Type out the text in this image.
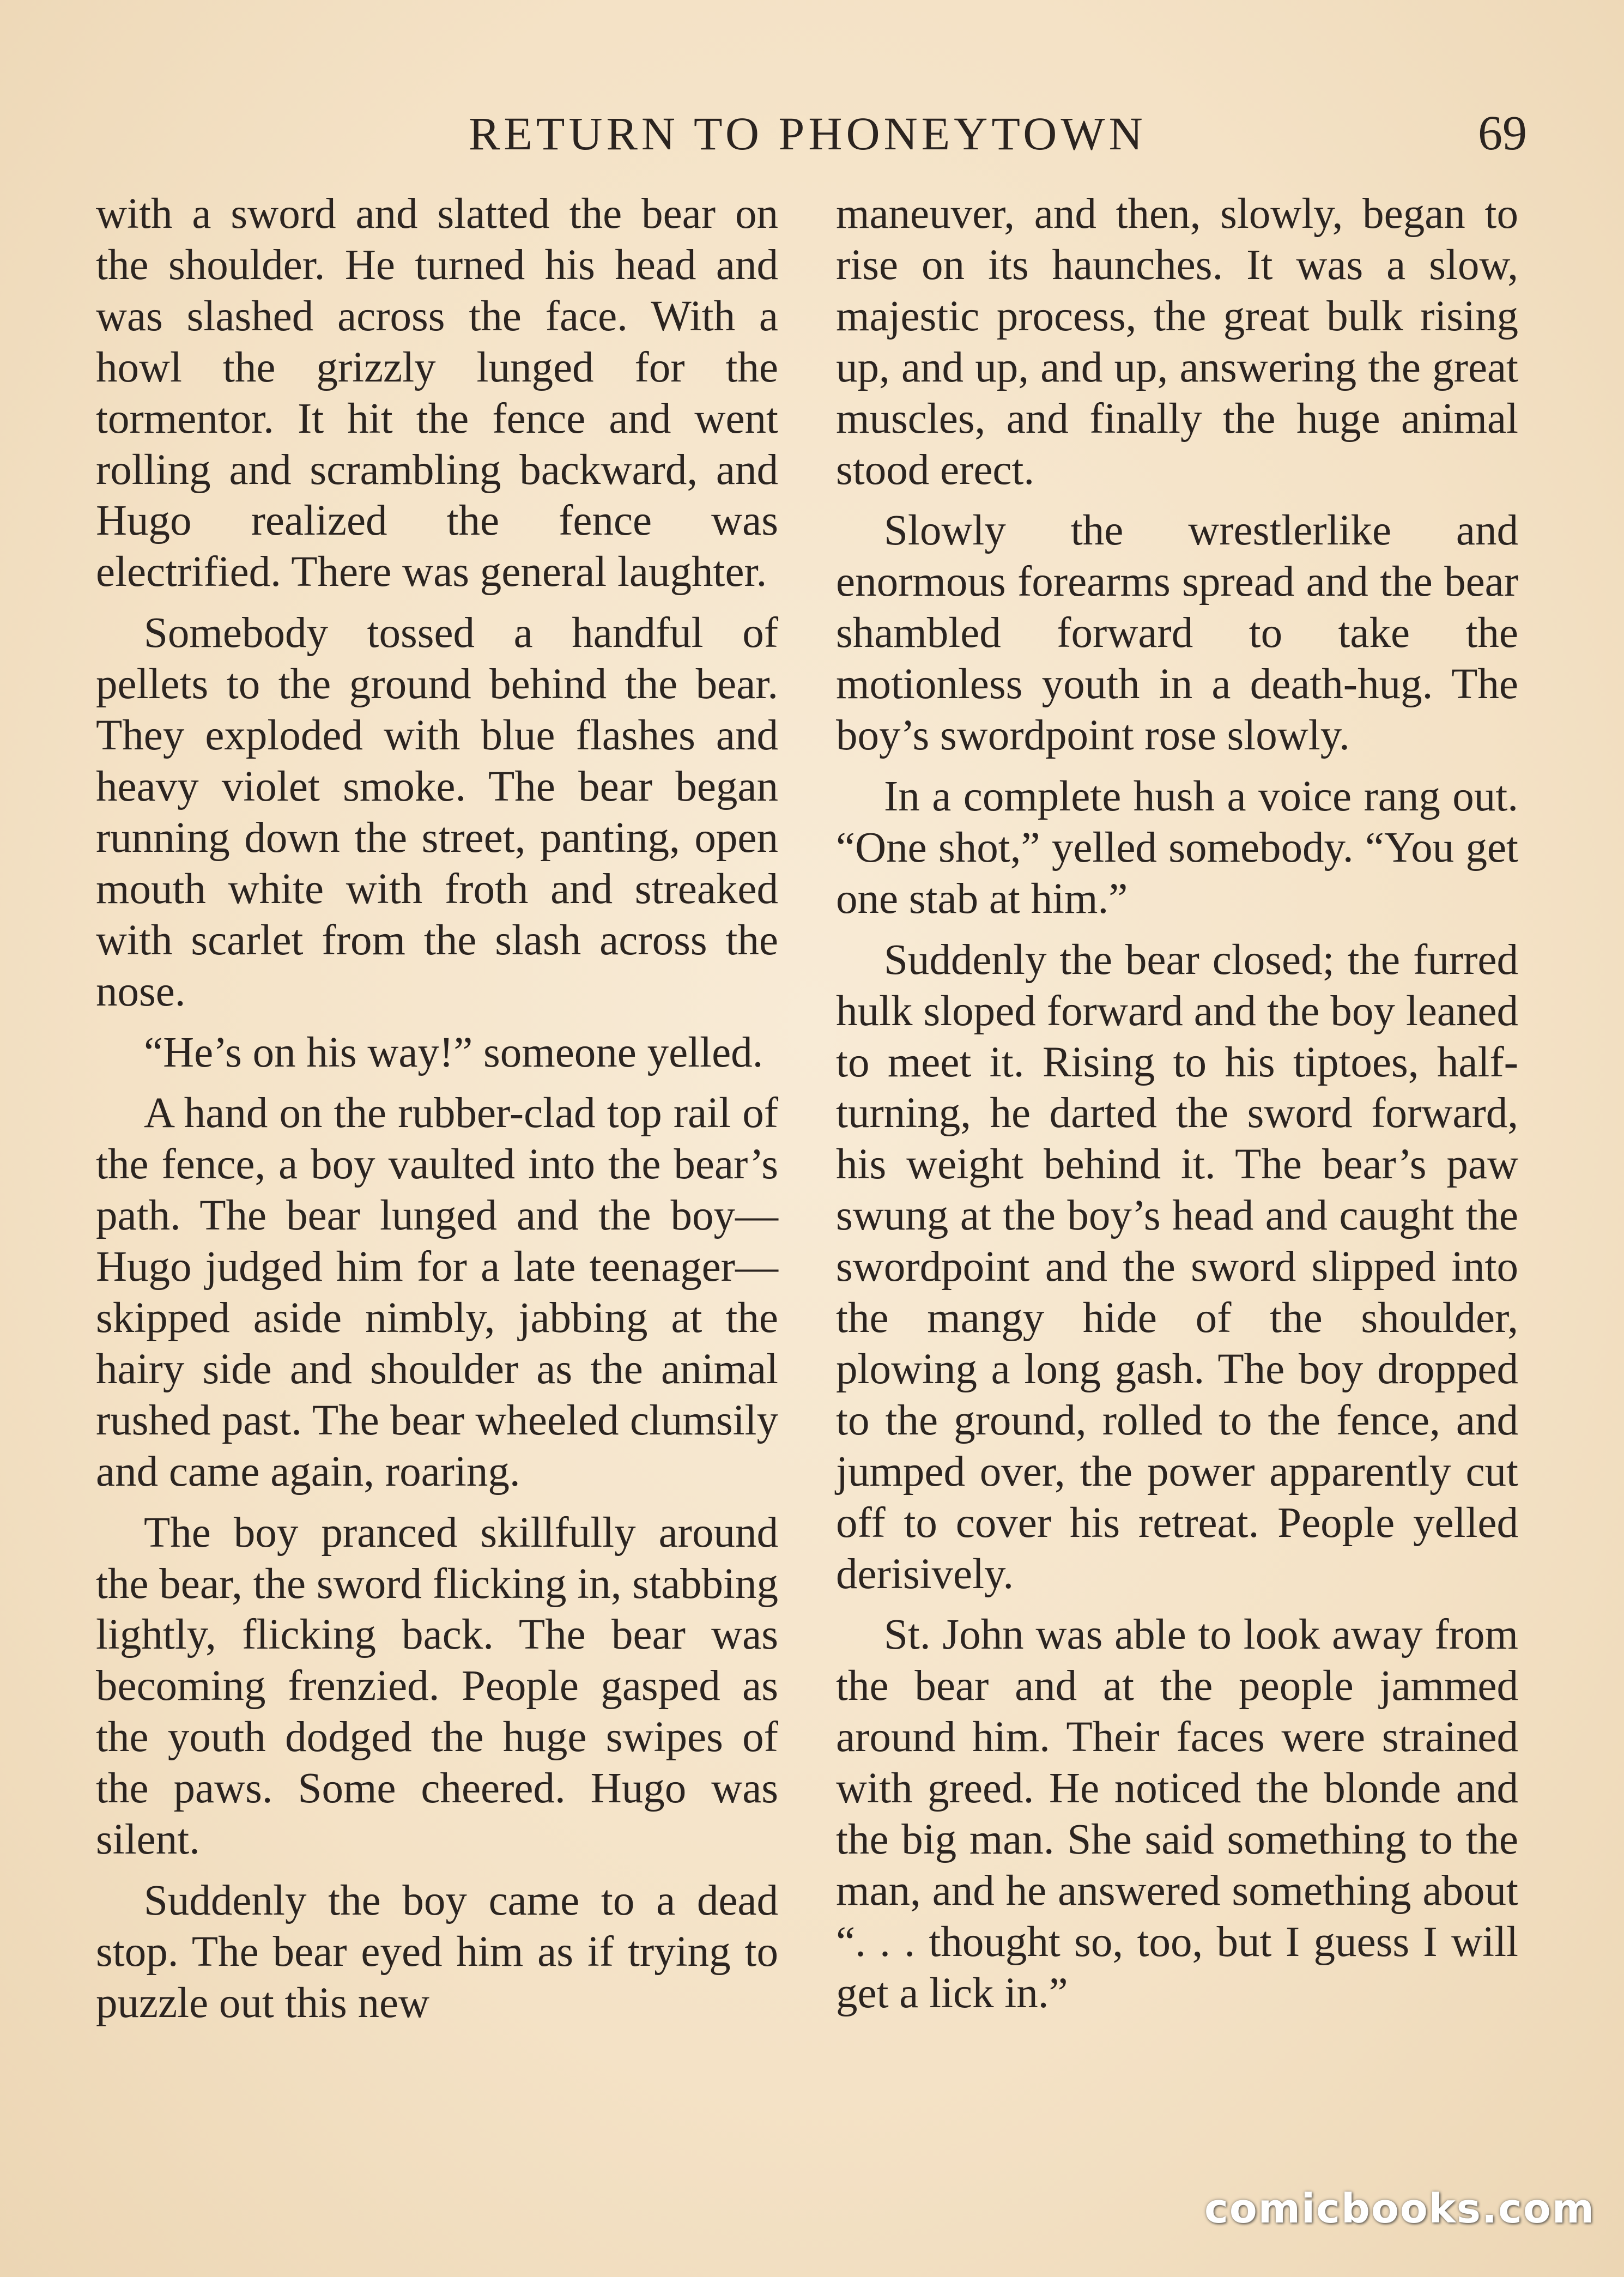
RETURN TO PHONEYTOWN	69

with a sword and slatted the bear on the shoulder. He turned his head and was slashed across the face. With a howl the grizzly lunged for the tormentor. It hit the fence and went rolling and scrambling backward, and Hugo realized the fence was electrified. There was general laughter.

Somebody tossed a handful of pellets to the ground behind the bear. They exploded with blue flashes and heavy violet smoke. The bear began running down the street, panting, open mouth white with froth and streaked with scarlet from the slash across the nose.

“He’s on his way!” someone yelled.

A hand on the rubber-clad top rail of the fence, a boy vaulted into the bear’s path. The bear lunged and the boy—Hugo judged him for a late teenager—skipped aside nimbly, jabbing at the hairy side and shoulder as the animal rushed past. The bear wheeled clumsily and came again, roaring.

The boy pranced skillfully around the bear, the sword flicking in, stabbing lightly, flicking back. The bear was becoming frenzied. People gasped as the youth dodged the huge swipes of the paws. Some cheered. Hugo was silent.

Suddenly the boy came to a dead stop. The bear eyed him as if trying to puzzle out this new

maneuver, and then, slowly, began to rise on its haunches. It was a slow, majestic process, the great bulk rising up, and up, and up, answering the great muscles, and finally the huge animal stood erect.

Slowly the wrestlerlike and enormous forearms spread and the bear shambled forward to take the motionless youth in a death-hug. The boy’s swordpoint rose slowly.

In a complete hush a voice rang out. “One shot,” yelled somebody. “You get one stab at him.”

Suddenly the bear closed; the furred hulk sloped forward and the boy leaned to meet it. Rising to his tiptoes, half-turning, he darted the sword forward, his weight behind it. The bear’s paw swung at the boy’s head and caught the swordpoint and the sword slipped into the mangy hide of the shoulder, plowing a long gash. The boy dropped to the ground, rolled to the fence, and jumped over, the power apparently cut off to cover his retreat. People yelled derisively.

St. John was able to look away from the bear and at the people jammed around him. Their faces were strained with greed. He noticed the blonde and the big man. She said something to the man, and he answered something about “. . . thought so, too, but I guess I will get a lick in.”

comicbooks.com
